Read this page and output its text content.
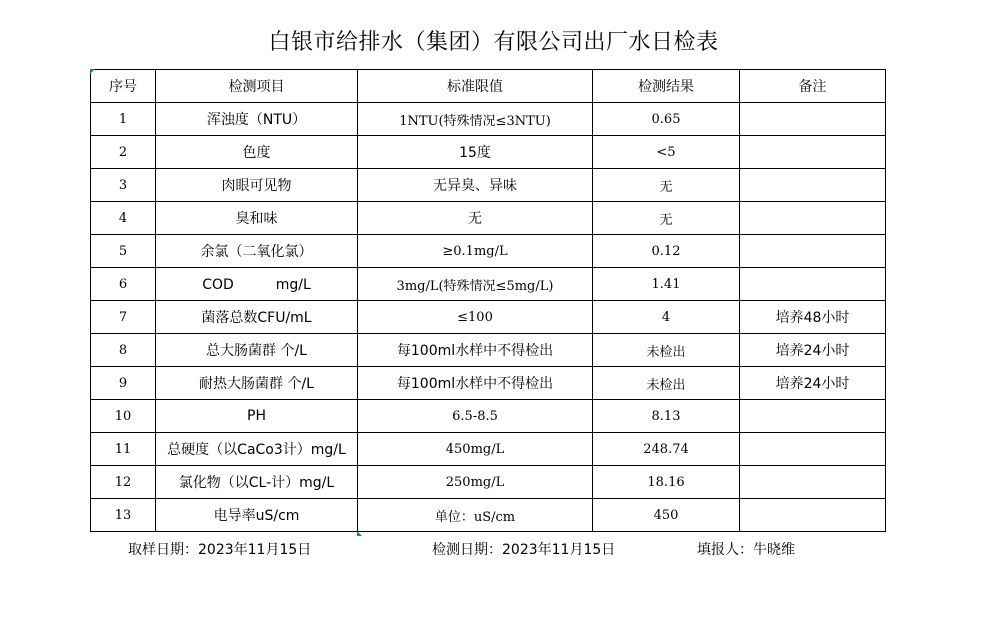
白银市给排水（集团）有限公司出厂水日检表
序号	检测项目	标准限值	检测结果	备注
1	浑浊度（NTU）	1NTU(特殊情况≤3NTU)	0.65	
2	色度	15度	<5	
3	肉眼可见物	无异臭、异味	无	
4	臭和味	无	无	
5	余氯（二氧化氯）	≥0.1mg/L	0.12	
6	COD　　　mg/L	3mg/L(特殊情况≤5mg/L)	1.41	
7	菌落总数CFU/mL	≤100	4	培养48小时
8	总大肠菌群 个/L	每100ml水样中不得检出	未检出	培养24小时
9	耐热大肠菌群 个/L	每100ml水样中不得检出	未检出	培养24小时
10	PH	6.5-8.5	8.13	
11	总硬度（以CaCo3计）mg/L	450mg/L	248.74	
12	氯化物（以CL-计）mg/L	250mg/L	18.16	
13	电导率uS/cm	单位：uS/cm	450	
取样日期：2023年11月15日	检测日期：2023年11月15日	填报人：牛晓维
